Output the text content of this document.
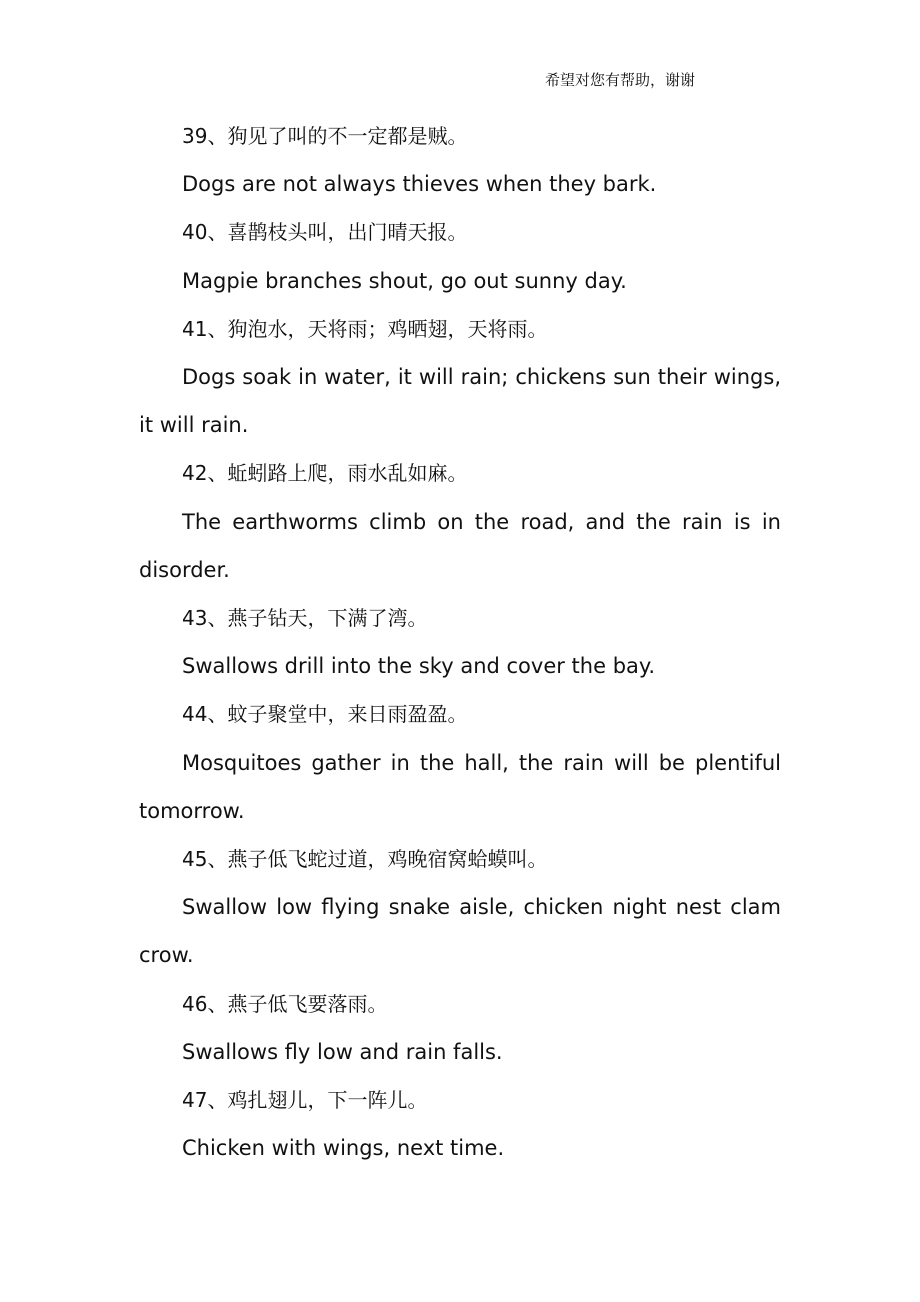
希望对您有帮助，谢谢

39、狗见了叫的不一定都是贼。

Dogs are not always thieves when they bark.

40、喜鹊枝头叫，出门晴天报。

Magpie branches shout, go out sunny day.

41、狗泡水，天将雨；鸡晒翅，天将雨。

Dogs soak in water, it will rain; chickens sun their wings, it will rain.

42、蚯蚓路上爬，雨水乱如麻。

The earthworms climb on the road, and the rain is in disorder.

43、燕子钻天，下满了湾。

Swallows drill into the sky and cover the bay.

44、蚊子聚堂中，来日雨盈盈。

Mosquitoes gather in the hall, the rain will be plentiful tomorrow.

45、燕子低飞蛇过道，鸡晚宿窝蛤蟆叫。

Swallow low flying snake aisle, chicken night nest clam crow.

46、燕子低飞要落雨。

Swallows fly low and rain falls.

47、鸡扎翅儿，下一阵儿。

Chicken with wings, next time.
